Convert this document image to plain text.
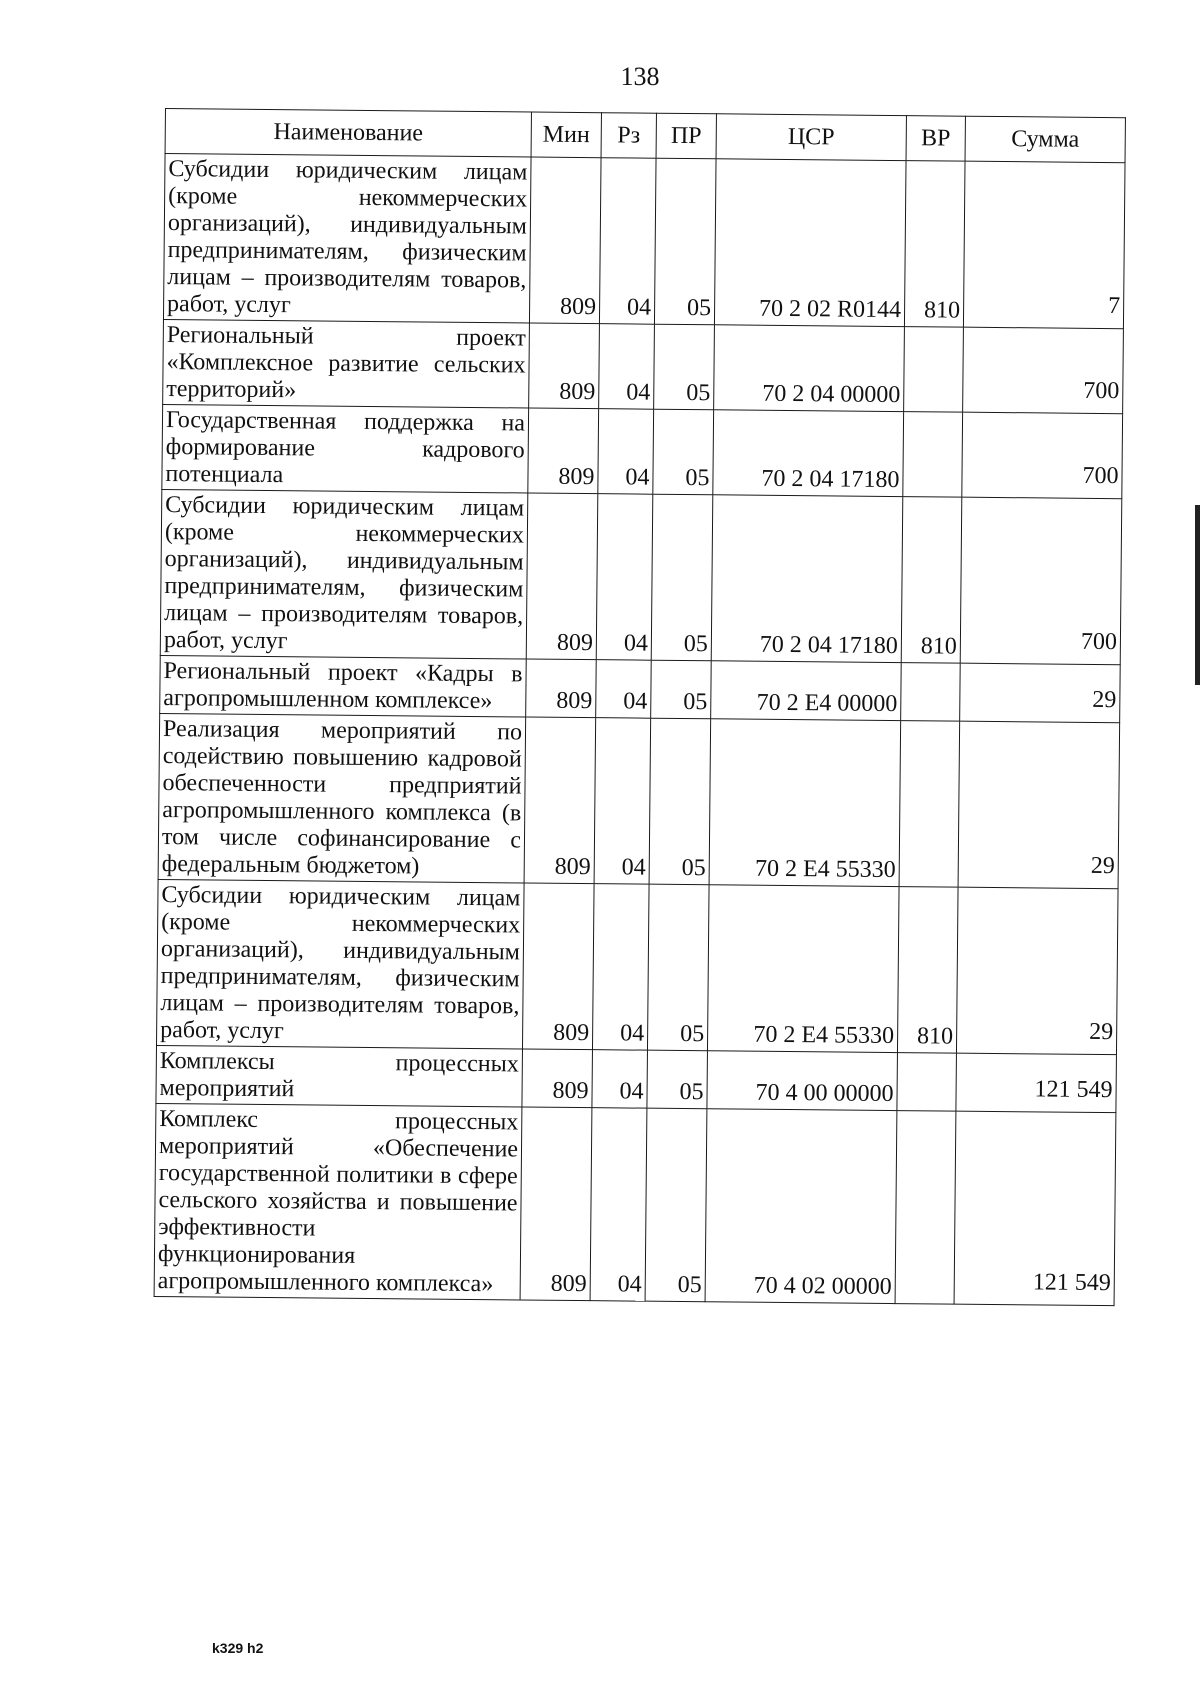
138
Наименование	Мин	Рз	ПР	ЦСР	ВР	Сумма
Субсидии юридическим лицам (кроме некоммерческих организаций), индивидуальным предпринимателям, физическим лицам – производителям товаров, работ, услуг	809	04	05	70 2 02 R0144	810	7
Региональный проект «Комплексное развитие сельских территорий»	809	04	05	70 2 04 00000		700
Государственная поддержка на формирование кадрового потенциала	809	04	05	70 2 04 17180		700
Субсидии юридическим лицам (кроме некоммерческих организаций), индивидуальным предпринимателям, физическим лицам – производителям товаров, работ, услуг	809	04	05	70 2 04 17180	810	700
Региональный проект «Кадры в агропромышленном комплексе»	809	04	05	70 2 Е4 00000		29
Реализация мероприятий по содействию повышению кадровой обеспеченности предприятий агропромышленного комплекса (в том числе софинансирование с федеральным бюджетом)	809	04	05	70 2 Е4 55330		29
Субсидии юридическим лицам (кроме некоммерческих организаций), индивидуальным предпринимателям, физическим лицам – производителям товаров, работ, услуг	809	04	05	70 2 Е4 55330	810	29
Комплексы процессных мероприятий	809	04	05	70 4 00 00000		121 549
Комплекс процессных мероприятий «Обеспечение государственной политики в сфере сельского хозяйства и повышение эффективности функционирования агропромышленного комплекса»	809	04	05	70 4 02 00000		121 549
k329 h2
